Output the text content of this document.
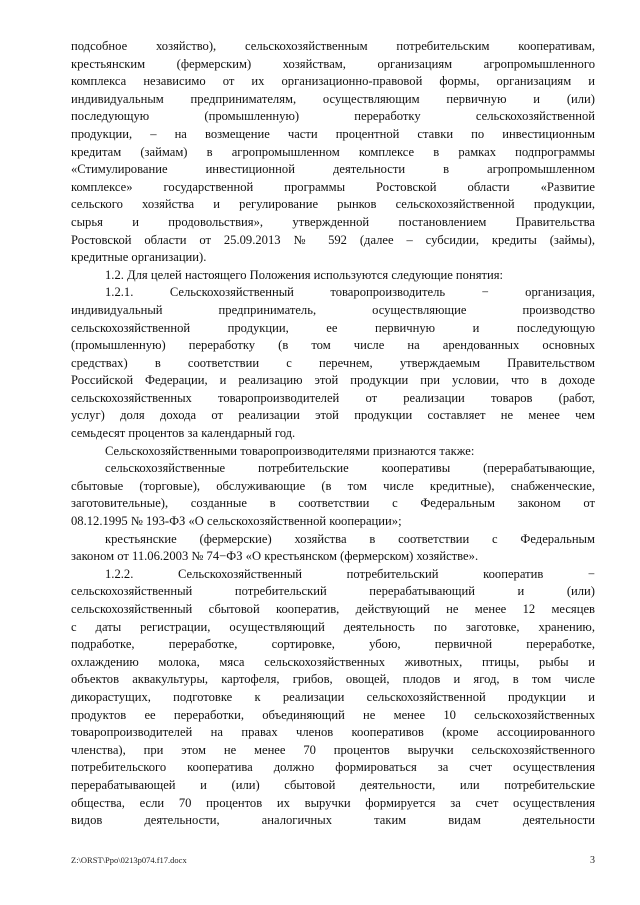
подсобное хозяйство), сельскохозяйственным потребительским кооперативам,
крестьянским (фермерским) хозяйствам, организациям агропромышленного
комплекса независимо от их организационно-правовой формы, организациям и
индивидуальным предпринимателям, осуществляющим первичную и (или)
последующую (промышленную) переработку сельскохозяйственной
продукции, – на возмещение части процентной ставки по инвестиционным
кредитам (займам) в агропромышленном комплексе в рамках подпрограммы
«Стимулирование инвестиционной деятельности в агропромышленном
комплексе» государственной программы Ростовской области «Развитие
сельского хозяйства и регулирование рынков сельскохозяйственной продукции,
сырья и продовольствия», утвержденной постановлением Правительства
Ростовской области от 25.09.2013 № 592 (далее – субсидии, кредиты (займы),
кредитные организации).
1.2. Для целей настоящего Положения используются следующие понятия:
1.2.1. Сельскохозяйственный товаропроизводитель − организация,
индивидуальный предприниматель, осуществляющие производство
сельскохозяйственной продукции, ее первичную и последующую
(промышленную) переработку (в том числе на арендованных основных
средствах) в соответствии с перечнем, утверждаемым Правительством
Российской Федерации, и реализацию этой продукции при условии, что в доходе
сельскохозяйственных товаропроизводителей от реализации товаров (работ,
услуг) доля дохода от реализации этой продукции составляет не менее чем
семьдесят процентов за календарный год.
Сельскохозяйственными товаропроизводителями признаются также:
сельскохозяйственные потребительские кооперативы (перерабатывающие,
сбытовые (торговые), обслуживающие (в том числе кредитные), снабженческие,
заготовительные), созданные в соответствии с Федеральным законом от
08.12.1995 № 193-ФЗ «О сельскохозяйственной кооперации»;
крестьянские (фермерские) хозяйства в соответствии с Федеральным
законом от 11.06.2003 № 74−ФЗ «О крестьянском (фермерском) хозяйстве».
1.2.2. Сельскохозяйственный потребительский кооператив −
сельскохозяйственный потребительский перерабатывающий и (или)
сельскохозяйственный сбытовой кооператив, действующий не менее 12 месяцев
с даты регистрации, осуществляющий деятельность по заготовке, хранению,
подработке, переработке, сортировке, убою, первичной переработке,
охлаждению молока, мяса сельскохозяйственных животных, птицы, рыбы и
объектов аквакультуры, картофеля, грибов, овощей, плодов и ягод, в том числе
дикорастущих, подготовке к реализации сельскохозяйственной продукции и
продуктов ее переработки, объединяющий не менее 10 сельскохозяйственных
товаропроизводителей на правах членов кооперативов (кроме ассоциированного
членства), при этом не менее 70 процентов выручки сельскохозяйственного
потребительского кооператива должно формироваться за счет осуществления
перерабатывающей и (или) сбытовой деятельности, или потребительские
общества, если 70 процентов их выручки формируется за счет осуществления
видов деятельности, аналогичных таким видам деятельности
Z:\ORST\Ppo\0213p074.f17.docx	3
